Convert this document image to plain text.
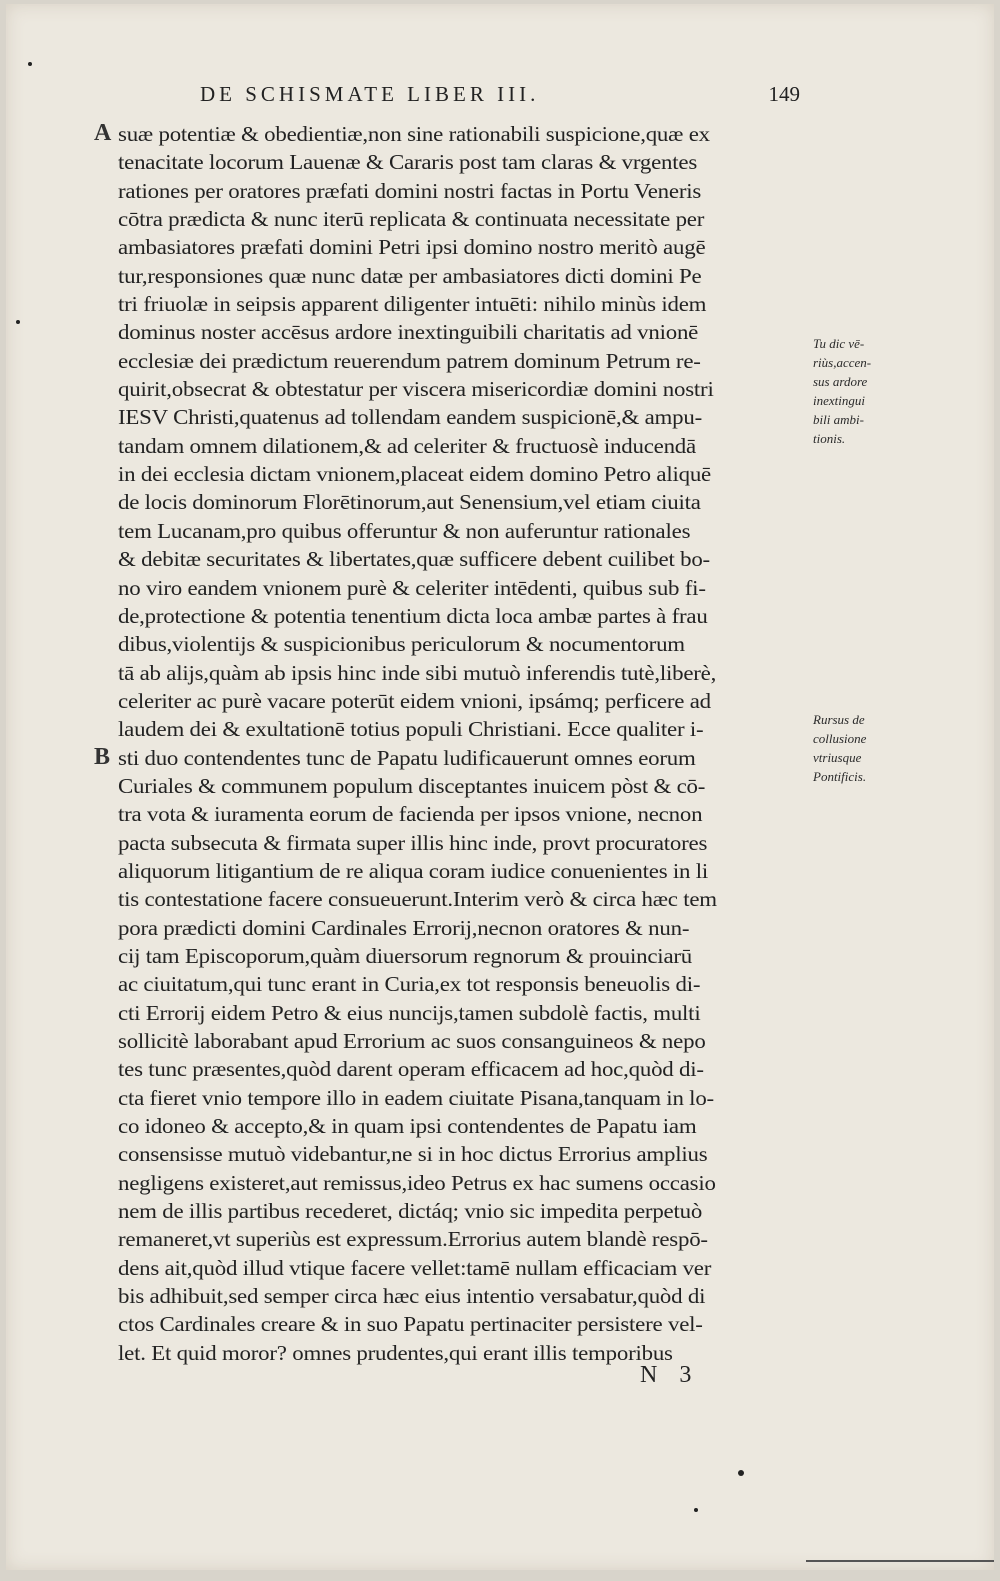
DE SCHISMATE LIBER III.	149
A
B
suæ potentiæ & obedientiæ,non sine rationabili suspicione,quæ ex
tenacitate locorum Lauenæ & Cararis post tam claras & vrgentes
rationes per oratores præfati domini nostri factas in Portu Veneris
cōtra prædicta & nunc iterū replicata & continuata necessitate per
ambasiatores præfati domini Petri ipsi domino nostro meritò augē
tur,responsiones quæ nunc datæ per ambasiatores dicti domini Pe
tri friuolæ in seipsis apparent diligenter intuēti: nihilo minùs idem
dominus noster accēsus ardore inextinguibili charitatis ad vnionē
ecclesiæ dei prædictum reuerendum patrem dominum Petrum re-
quirit,obsecrat & obtestatur per viscera misericordiæ domini nostri
IESV Christi,quatenus ad tollendam eandem suspicionē,& ampu-
tandam omnem dilationem,& ad celeriter & fructuosè inducendā
in dei ecclesia dictam vnionem,placeat eidem domino Petro aliquē
de locis dominorum Florētinorum,aut Senensium,vel etiam ciuita
tem Lucanam,pro quibus offeruntur & non auferuntur rationales
& debitæ securitates & libertates,quæ sufficere debent cuilibet bo-
no viro eandem vnionem purè & celeriter intēdenti, quibus sub fi-
de,protectione & potentia tenentium dicta loca ambæ partes à frau
dibus,violentijs & suspicionibus periculorum & nocumentorum
tā ab alijs,quàm ab ipsis hinc inde sibi mutuò inferendis tutè,liberè,
celeriter ac purè vacare poterūt eidem vnioni, ipsámq; perficere ad
laudem dei & exultationē totius populi Christiani. Ecce qualiter i-
sti duo contendentes tunc de Papatu ludificauerunt omnes eorum
Curiales & communem populum disceptantes inuicem pòst & cō-
tra vota & iuramenta eorum de facienda per ipsos vnione, necnon
pacta subsecuta & firmata super illis hinc inde, provt procuratores
aliquorum litigantium de re aliqua coram iudice conuenientes in li
tis contestatione facere consueuerunt.Interim verò & circa hæc tem
pora prædicti domini Cardinales Errorij,necnon oratores & nun-
cij tam Episcoporum,quàm diuersorum regnorum & prouinciarū
ac ciuitatum,qui tunc erant in Curia,ex tot responsis beneuolis di-
cti Errorij eidem Petro & eius nuncijs,tamen subdolè factis, multi
sollicitè laborabant apud Errorium ac suos consanguineos & nepo
tes tunc præsentes,quòd darent operam efficacem ad hoc,quòd di-
cta fieret vnio tempore illo in eadem ciuitate Pisana,tanquam in lo-
co idoneo & accepto,& in quam ipsi contendentes de Papatu iam
consensisse mutuò videbantur,ne si in hoc dictus Errorius amplius
negligens existeret,aut remissus,ideo Petrus ex hac sumens occasio
nem de illis partibus recederet, dictáq; vnio sic impedita perpetuò
remaneret,vt superiùs est expressum.Errorius autem blandè respō-
dens ait,quòd illud vtique facere vellet:tamē nullam efficaciam ver
bis adhibuit,sed semper circa hæc eius intentio versabatur,quòd di
ctos Cardinales creare & in suo Papatu pertinaciter persistere vel-
let. Et quid moror? omnes prudentes,qui erant illis temporibus
Tu dic vē-
riùs,accen-
sus ardore
inextingui
bili ambi-
tionis.
Rursus de
collusione
vtriusque
Pontificis.
N 3
